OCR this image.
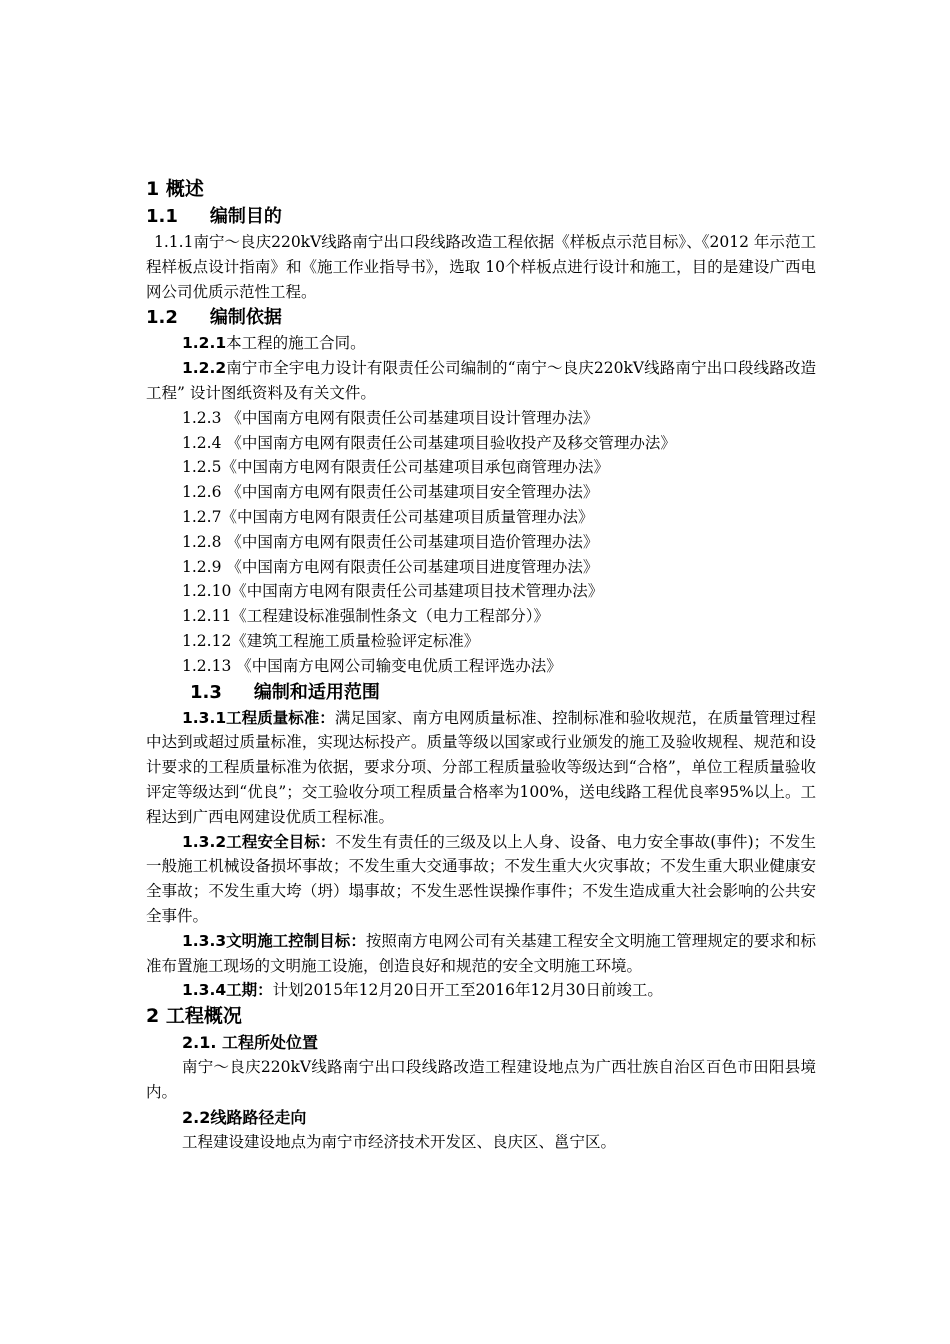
1 概述
1.1 编制目的

1.1.1南宁～良庆220kV线路南宁出口段线路改造工程依据《样板点示范目标》、《2012 年示范工程样板点设计指南》和《施工作业指导书》，选取 10个样板点进行设计和施工，目的是建设广西电网公司优质示范性工程。

1.2 编制依据

1.2.1本工程的施工合同。

1.2.2南宁市全宇电力设计有限责任公司编制的“南宁～良庆220kV线路南宁出口段线路改造工程” 设计图纸资料及有关文件。

1.2.3 《中国南方电网有限责任公司基建项目设计管理办法》

1.2.4 《中国南方电网有限责任公司基建项目验收投产及移交管理办法》

1.2.5《中国南方电网有限责任公司基建项目承包商管理办法》

1.2.6 《中国南方电网有限责任公司基建项目安全管理办法》

1.2.7《中国南方电网有限责任公司基建项目质量管理办法》

1.2.8 《中国南方电网有限责任公司基建项目造价管理办法》

1.2.9 《中国南方电网有限责任公司基建项目进度管理办法》

1.2.10《中国南方电网有限责任公司基建项目技术管理办法》

1.2.11《工程建设标准强制性条文（电力工程部分）》

1.2.12《建筑工程施工质量检验评定标准》

1.2.13 《中国南方电网公司输变电优质工程评选办法》

1.3 编制和适用范围

1.3.1工程质量标准：满足国家、南方电网质量标准、控制标准和验收规范，在质量管理过程中达到或超过质量标准，实现达标投产。质量等级以国家或行业颁发的施工及验收规程、规范和设计要求的工程质量标准为依据，要求分项、分部工程质量验收等级达到“合格”，单位工程质量验收评定等级达到“优良”；交工验收分项工程质量合格率为100%，送电线路工程优良率95%以上。工程达到广西电网建设优质工程标准。

1.3.2工程安全目标：不发生有责任的三级及以上人身、设备、电力安全事故(事件)；不发生一般施工机械设备损坏事故；不发生重大交通事故；不发生重大火灾事故；不发生重大职业健康安全事故；不发生重大垮（坍）塌事故；不发生恶性误操作事件；不发生造成重大社会影响的公共安全事件。

1.3.3文明施工控制目标：按照南方电网公司有关基建工程安全文明施工管理规定的要求和标准布置施工现场的文明施工设施，创造良好和规范的安全文明施工环境。

1.3.4工期：计划2015年12月20日开工至2016年12月30日前竣工。

2 工程概况
2.1. 工程所处位置

南宁～良庆220kV线路南宁出口段线路改造工程建设地点为广西壮族自治区百色市田阳县境内。

2.2线路路径走向

工程建设建设地点为南宁市经济技术开发区、良庆区、邕宁区。
